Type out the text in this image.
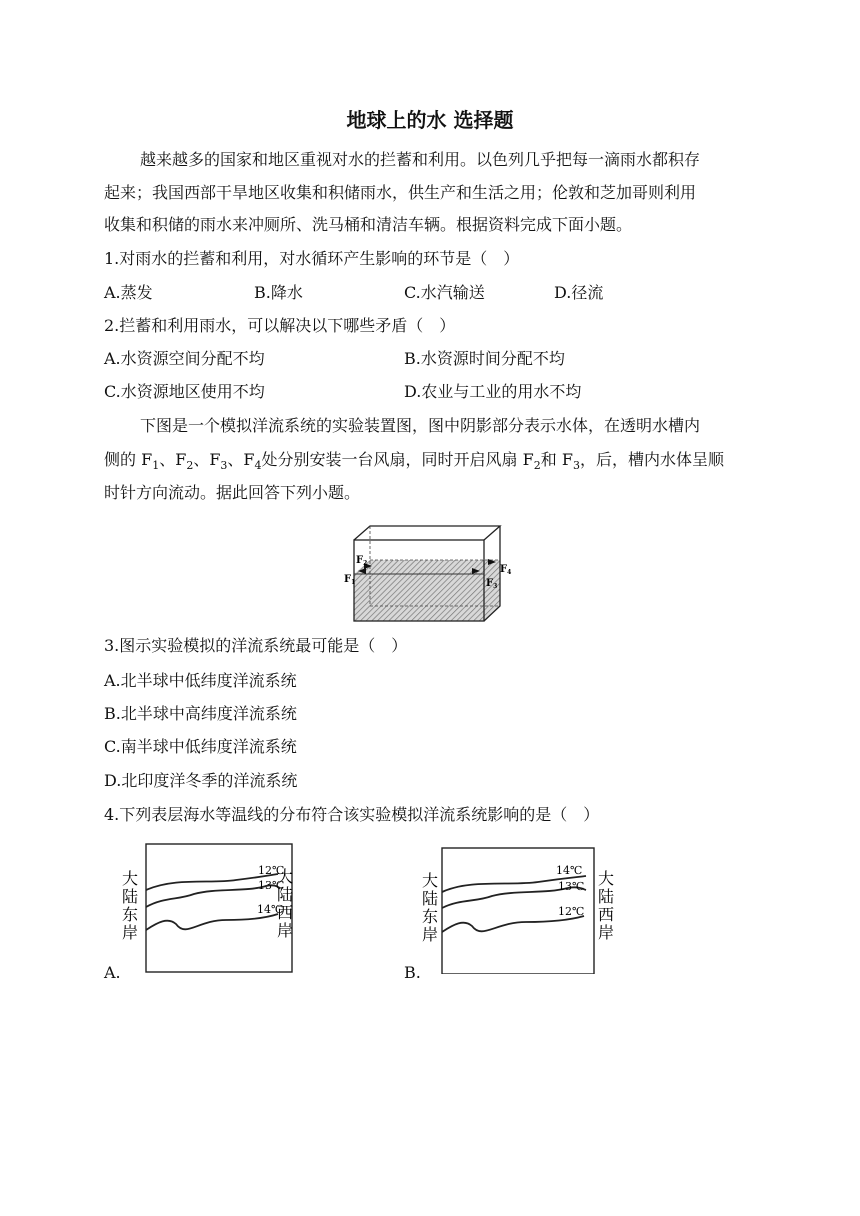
地球上的水 选择题
越来越多的国家和地区重视对水的拦蓄和利用。以色列几乎把每一滴雨水都积存
起来；我国西部干旱地区收集和积储雨水，供生产和生活之用；伦敦和芝加哥则利用
收集和积储的雨水来冲厕所、洗马桶和清洁车辆。根据资料完成下面小题。
1.对雨水的拦蓄和利用，对水循环产生影响的环节是（　）
A.蒸发	B.降水	C.水汽输送	D.径流
2.拦蓄和利用雨水，可以解决以下哪些矛盾（　）
A.水资源空间分配不均	B.水资源时间分配不均
C.水资源地区使用不均	D.农业与工业的用水不均
下图是一个模拟洋流系统的实验装置图，图中阴影部分表示水体，在透明水槽内
侧的 $F_1$、$F_2$、$F_3$、$F_4$处分别安装一台风扇，同时开启风扇 $F_2$和 $F_3$，后，槽内水体呈顺
时针方向流动。据此回答下列小题。
$F_1$
$F_2$
$F_3$
$F_4$
3.图示实验模拟的洋流系统最可能是（　）
A.北半球中低纬度洋流系统
B.北半球中高纬度洋流系统
C.南半球中低纬度洋流系统
D.北印度洋冬季的洋流系统
4.下列表层海水等温线的分布符合该实验模拟洋流系统影响的是（　）
大
陆
东
岸
大
陆
西
岸
12℃
13℃
14℃
A.
大
陆
东
岸
大
陆
西
岸
14℃
13℃
12℃
B.
